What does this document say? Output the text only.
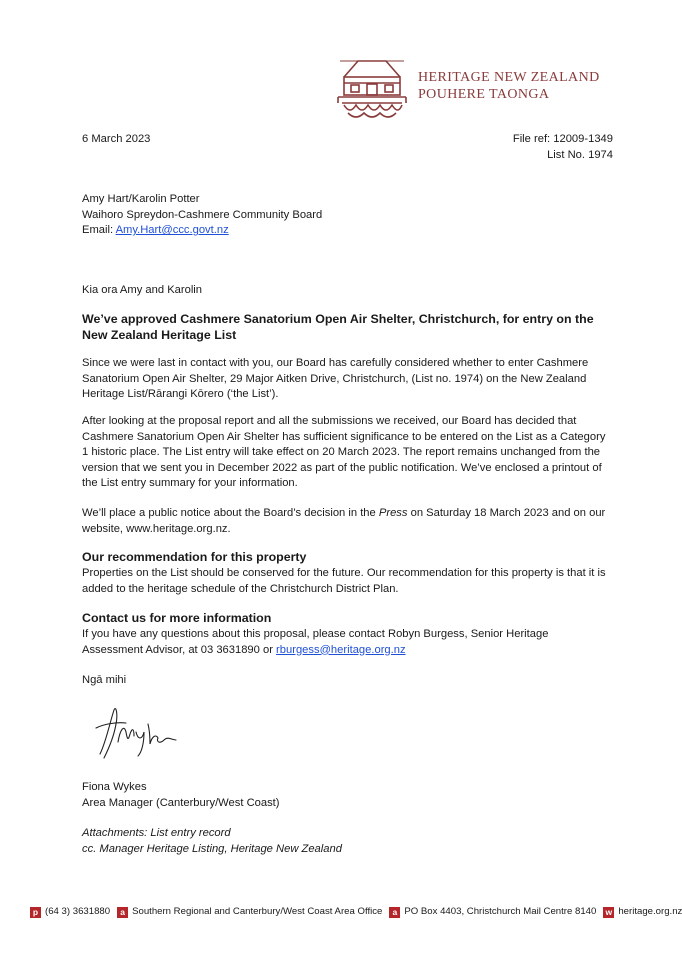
HERITAGE NEW ZEALAND
POUHERE TAONGA
6 March 2023	File ref: 12009-1349
List No. 1974
Amy Hart/Karolin Potter
Waihoro Spreydon-Cashmere Community Board
Email: Amy.Hart@ccc.govt.nz
Kia ora Amy and Karolin
We’ve approved Cashmere Sanatorium Open Air Shelter, Christchurch, for entry on the New Zealand Heritage List

Since we were last in contact with you, our Board has carefully considered whether to enter Cashmere Sanatorium Open Air Shelter, 29 Major Aitken Drive, Christchurch, (List no. 1974) on the New Zealand Heritage List/Rārangi Kōrero (‘the List’).

After looking at the proposal report and all the submissions we received, our Board has decided that Cashmere Sanatorium Open Air Shelter has sufficient significance to be entered on the List as a Category 1 historic place. The List entry will take effect on 20 March 2023. The report remains unchanged from the version that we sent you in December 2022 as part of the public notification. We’ve enclosed a printout of the List entry summary for your information.

We’ll place a public notice about the Board’s decision in the Press on Saturday 18 March 2023 and on our website, www.heritage.org.nz.

Our recommendation for this property

Properties on the List should be conserved for the future. Our recommendation for this property is that it is added to the heritage schedule of the Christchurch District Plan.

Contact us for more information

If you have any questions about this proposal, please contact Robyn Burgess, Senior Heritage Assessment Advisor, at 03 3631890 or rburgess@heritage.org.nz

Ngā mihi
Fiona Wykes
Area Manager (Canterbury/West Coast)
Attachments: List entry record
cc. Manager Heritage Listing, Heritage New Zealand
p (64 3) 3631880	a Southern Regional and Canterbury/West Coast Area Office	a PO Box 4403, Christchurch Mail Centre 8140 w heritage.org.nz
